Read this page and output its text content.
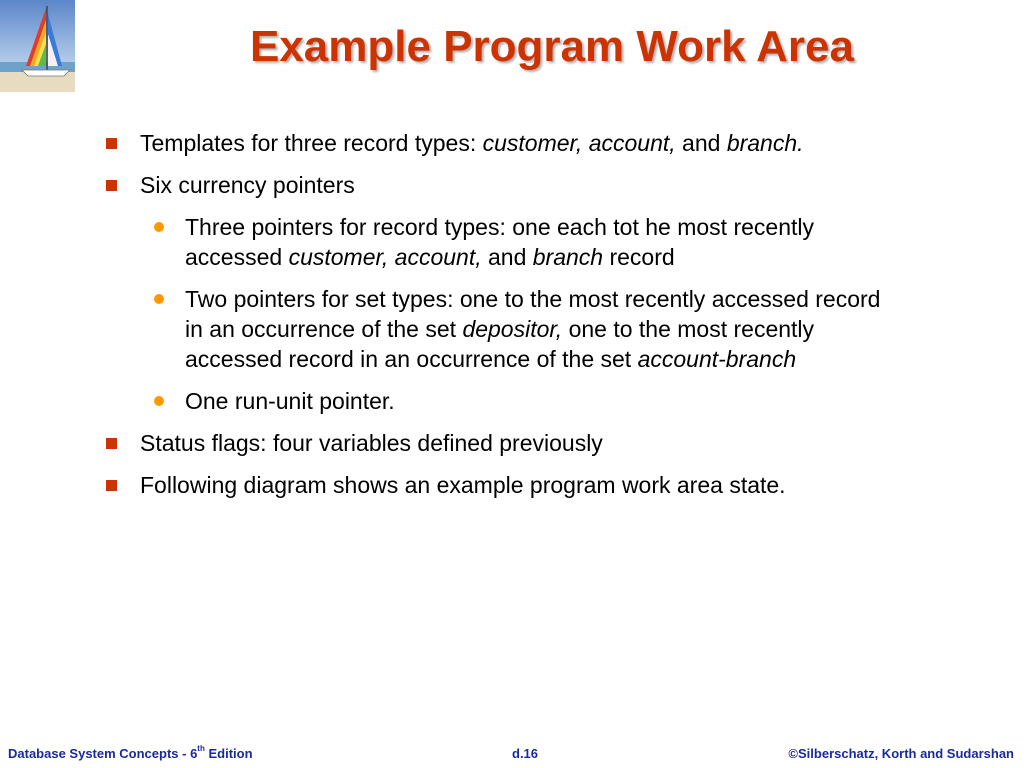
Example Program Work Area
Templates for three record types: customer, account, and branch.
Six currency pointers
Three pointers for record types: one each tot he most recently accessed customer, account, and branch record
Two pointers for set types: one to the most recently accessed record in an occurrence of the set depositor, one to the most recently accessed record in an occurrence of the set account-branch
One run-unit pointer.
Status flags: four variables defined previously
Following diagram shows an example program work area state.
Database System Concepts - 6th Edition	d.16	©Silberschatz, Korth and Sudarshan
